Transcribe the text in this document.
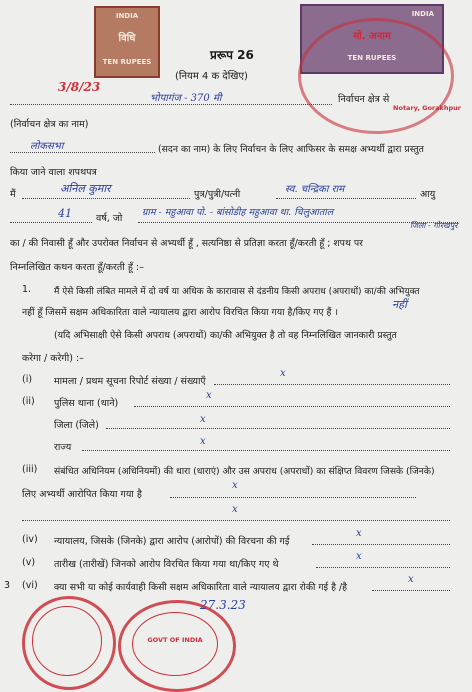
INDIA
विधि
TEN RUPEES
INDIA
मो. अनाम
TEN RUPEES
Notary, Gorakhpur
प्ररूप 26
(नियम 4 क देखिए)
3/8/23
भोपागंज - 370 मी	निर्वाचन क्षेत्र से
(निर्वाचन क्षेत्र का नाम)
लोकसभा	(सदन का नाम) के लिए निर्वाचन के लिए आफिसर के समक्ष अभ्यर्थी द्वारा प्रस्तुत
किया जाने वाला शपथपत्र
मैं	अनिल कुमार	पुत्र/पुत्री/पत्नी	स्व. चन्द्रिका राम	आयु
41	वर्ष, जो
ग्राम - महुआवा पो. - बांसोडीह महुआवा था. चिलुआताल
जिला - गोरखपुर
का / की निवासी हूँ और उपरोक्त निर्वाचन से अभ्यर्थी हूँ , सत्यनिष्ठा से प्रतिज्ञा करता हूँ/करती हूँ ; शपथ पर
निम्नलिखित कथन करता हूँ/करती हूँ :–
1.	मैं ऐसे किसी लंबित मामले में दो वर्ष या अधिक के कारावास से दंडनीय किसी अपराध (अपराधों) का/की अभियुक्त
नहीं हूँ जिसमें सक्षम अधिकारिता वाले न्यायालय द्वारा आरोप विरचित किया गया है/किए गए हैं ।
नहीं
(यदि अभिसाक्षी ऐसे किसी अपराध (अपराधों) का/की अभियुक्त है तो वह निम्नलिखित जानकारी प्रस्तुत
करेगा / करेगी) :–
(i) मामला / प्रथम सूचना रिपोर्ट संख्या / संख्याएँ
x
(ii) पुलिस थाना (थाने)
x
जिला (जिले)
x
राज्य
x
(iii) संबंधित अधिनियम (अधिनियमों) की धारा (धाराएं) और उस अपराध (अपराधों) का संक्षिप्त विवरण जिसके (जिनके)
लिए अभ्यर्थी आरोपित किया गया है
x
x
(iv) न्यायालय, जिसके (जिनके) द्वारा आरोप (आरोपों) की विरचना की गई
x
(v) तारीख (तारीखें) जिनको आरोप विरचित किया गया था/किए गए थे
x
3 (vi) क्या सभी या कोई कार्यवाही किसी सक्षम अधिकारिता वाले न्यायालय द्वारा रोकी गई है /है
x
GOVT OF INDIA
27.3.23
